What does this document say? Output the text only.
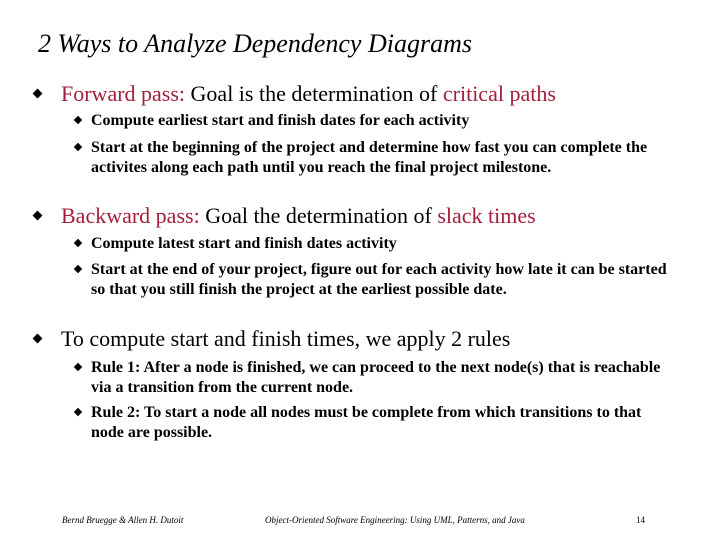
2 Ways to Analyze Dependency Diagrams
Forward pass: Goal is the determination of critical paths
Compute earliest start and finish dates for each activity
Start at the beginning of the project and determine how fast you can complete the activites along each path until you reach the final project milestone.
Backward pass: Goal the determination of slack times
Compute latest start and finish dates activity
Start at the end of your project, figure out for each activity how late it can be started so that you still finish the project at the earliest possible date.
To compute start and finish times, we apply 2 rules
Rule 1: After a node is finished, we can proceed to the next node(s) that is reachable via a transition from the current node.
Rule 2: To start a node all nodes must be complete from which transitions to that node are possible.
Bernd Bruegge & Allen H. Dutoit	Object-Oriented Software Engineering: Using UML, Patterns, and Java	14
